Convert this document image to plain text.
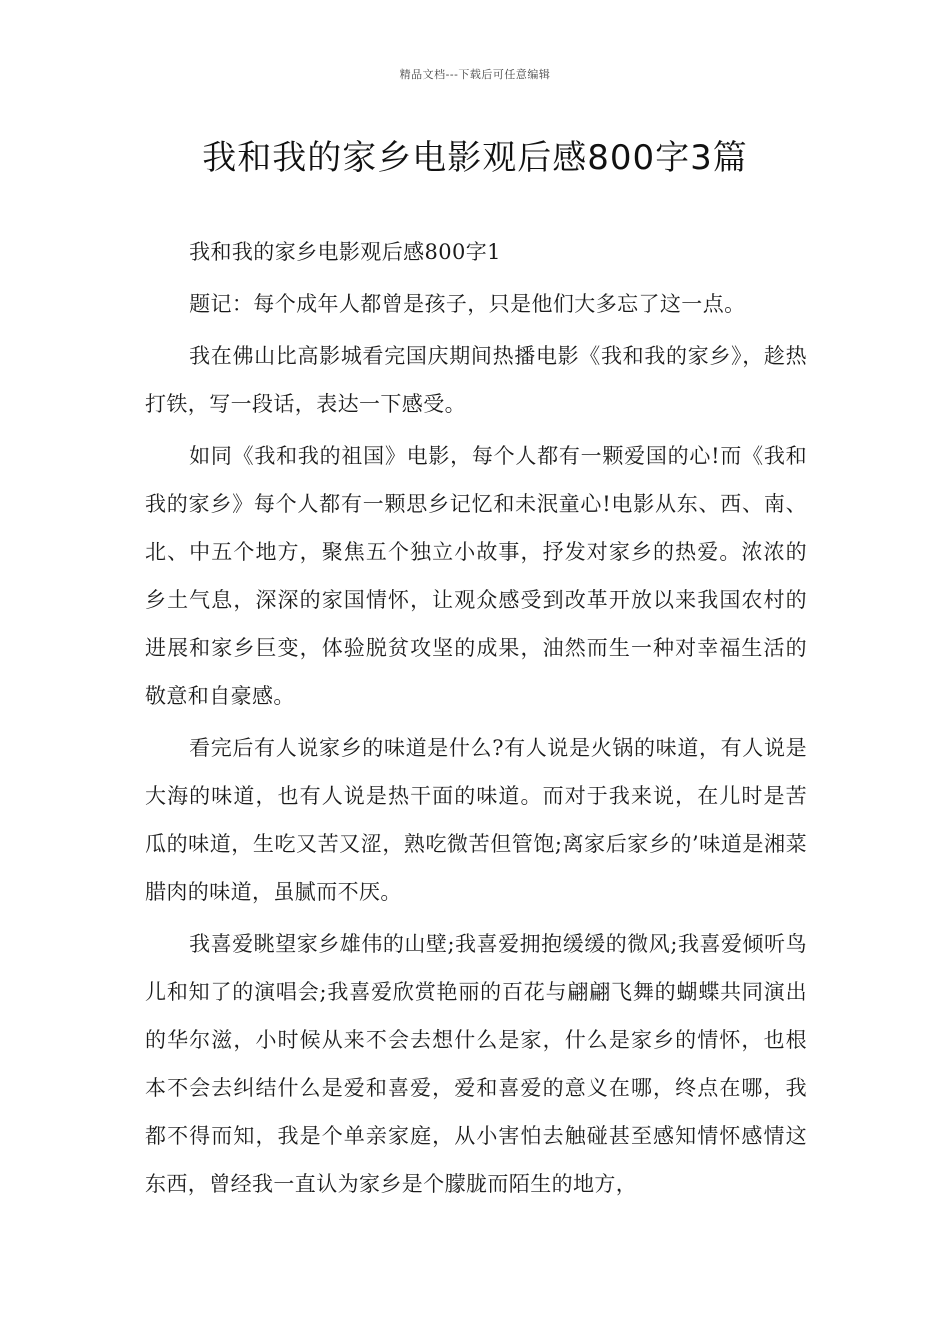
精品文档---下载后可任意编辑
我和我的家乡电影观后感800字3篇

我和我的家乡电影观后感800字1

题记：每个成年人都曾是孩子，只是他们大多忘了这一点。

我在佛山比高影城看完国庆期间热播电影《我和我的家乡》，趁热打铁，写一段话，表达一下感受。

如同《我和我的祖国》电影，每个人都有一颗爱国的心!而《我和我的家乡》每个人都有一颗思乡记忆和未泯童心!电影从东、西、南、北、中五个地方，聚焦五个独立小故事，抒发对家乡的热爱。浓浓的乡土气息，深深的家国情怀，让观众感受到改革开放以来我国农村的进展和家乡巨变，体验脱贫攻坚的成果，油然而生一种对幸福生活的敬意和自豪感。

看完后有人说家乡的味道是什么?有人说是火锅的味道，有人说是大海的味道，也有人说是热干面的味道。而对于我来说，在儿时是苦瓜的味道，生吃又苦又涩，熟吃微苦但管饱;离家后家乡的’味道是湘菜腊肉的味道，虽腻而不厌。

我喜爱眺望家乡雄伟的山壁;我喜爱拥抱缓缓的微风;我喜爱倾听鸟儿和知了的演唱会;我喜爱欣赏艳丽的百花与翩翩飞舞的蝴蝶共同演出的华尔滋，小时候从来不会去想什么是家，什么是家乡的情怀，也根本不会去纠结什么是爱和喜爱，爱和喜爱的意义在哪，终点在哪，我都不得而知，我是个单亲家庭，从小害怕去触碰甚至感知情怀感情这东西，曾经我一直认为家乡是个朦胧而陌生的地方，
